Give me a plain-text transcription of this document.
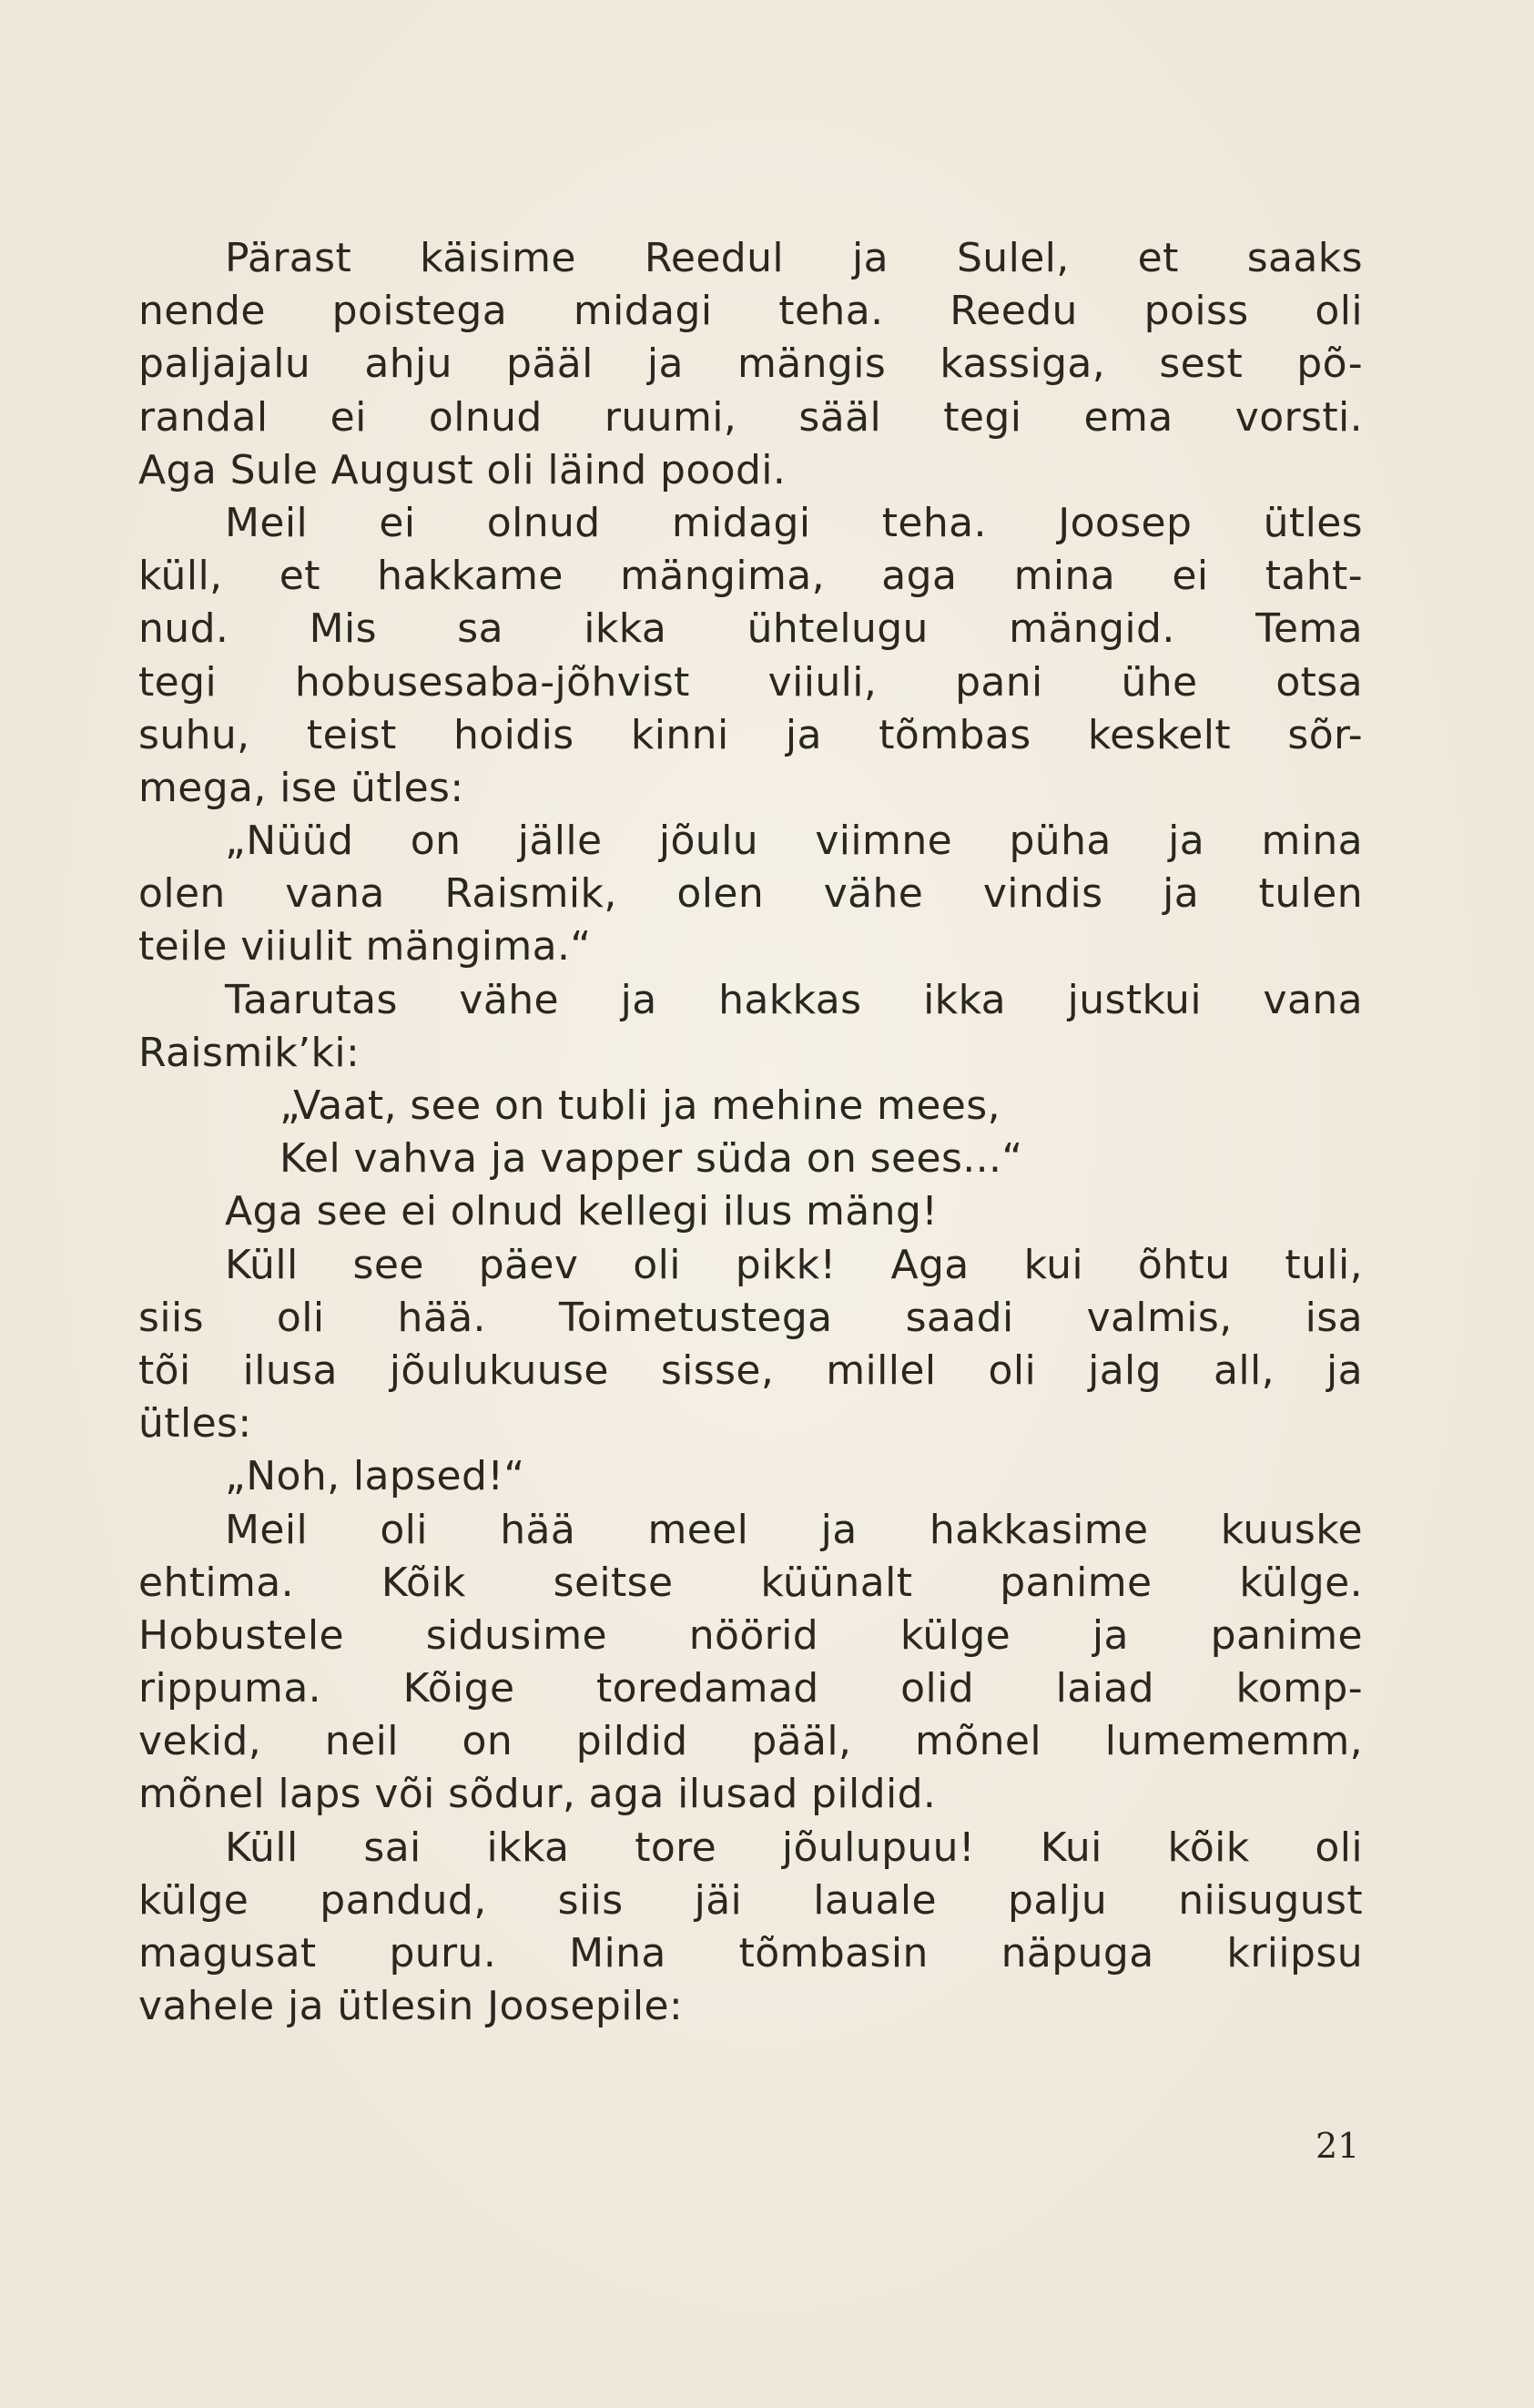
Pärast käisime Reedul ja Sulel, et saaks
nende poistega midagi teha. Reedu poiss oli
paljajalu ahju pääl ja mängis kassiga, sest põ-
randal ei olnud ruumi, sääl tegi ema vorsti.
Aga Sule August oli läind poodi.
Meil ei olnud midagi teha. Joosep ütles
küll, et hakkame mängima, aga mina ei taht-
nud. Mis sa ikka ühtelugu mängid. Tema
tegi hobusesaba-jõhvist viiuli, pani ühe otsa
suhu, teist hoidis kinni ja tõmbas keskelt sõr-
mega, ise ütles:
„Nüüd on jälle jõulu viimne püha ja mina
olen vana Raismik, olen vähe vindis ja tulen
teile viiulit mängima.“
Taarutas vähe ja hakkas ikka justkui vana
Raismik’ki:
„Vaat, see on tubli ja mehine mees,
Kel vahva ja vapper süda on sees...“
Aga see ei olnud kellegi ilus mäng!
Küll see päev oli pikk! Aga kui õhtu tuli,
siis oli hää. Toimetustega saadi valmis, isa
tõi ilusa jõulukuuse sisse, millel oli jalg all, ja
ütles:
„Noh, lapsed!“
Meil oli hää meel ja hakkasime kuuske
ehtima. Kõik seitse küünalt panime külge.
Hobustele sidusime nöörid külge ja panime
rippuma. Kõige toredamad olid laiad komp-
vekid, neil on pildid pääl, mõnel lumememm,
mõnel laps või sõdur, aga ilusad pildid.
Küll sai ikka tore jõulupuu! Kui kõik oli
külge pandud, siis jäi lauale palju niisugust
magusat puru. Mina tõmbasin näpuga kriipsu
vahele ja ütlesin Joosepile:
21
